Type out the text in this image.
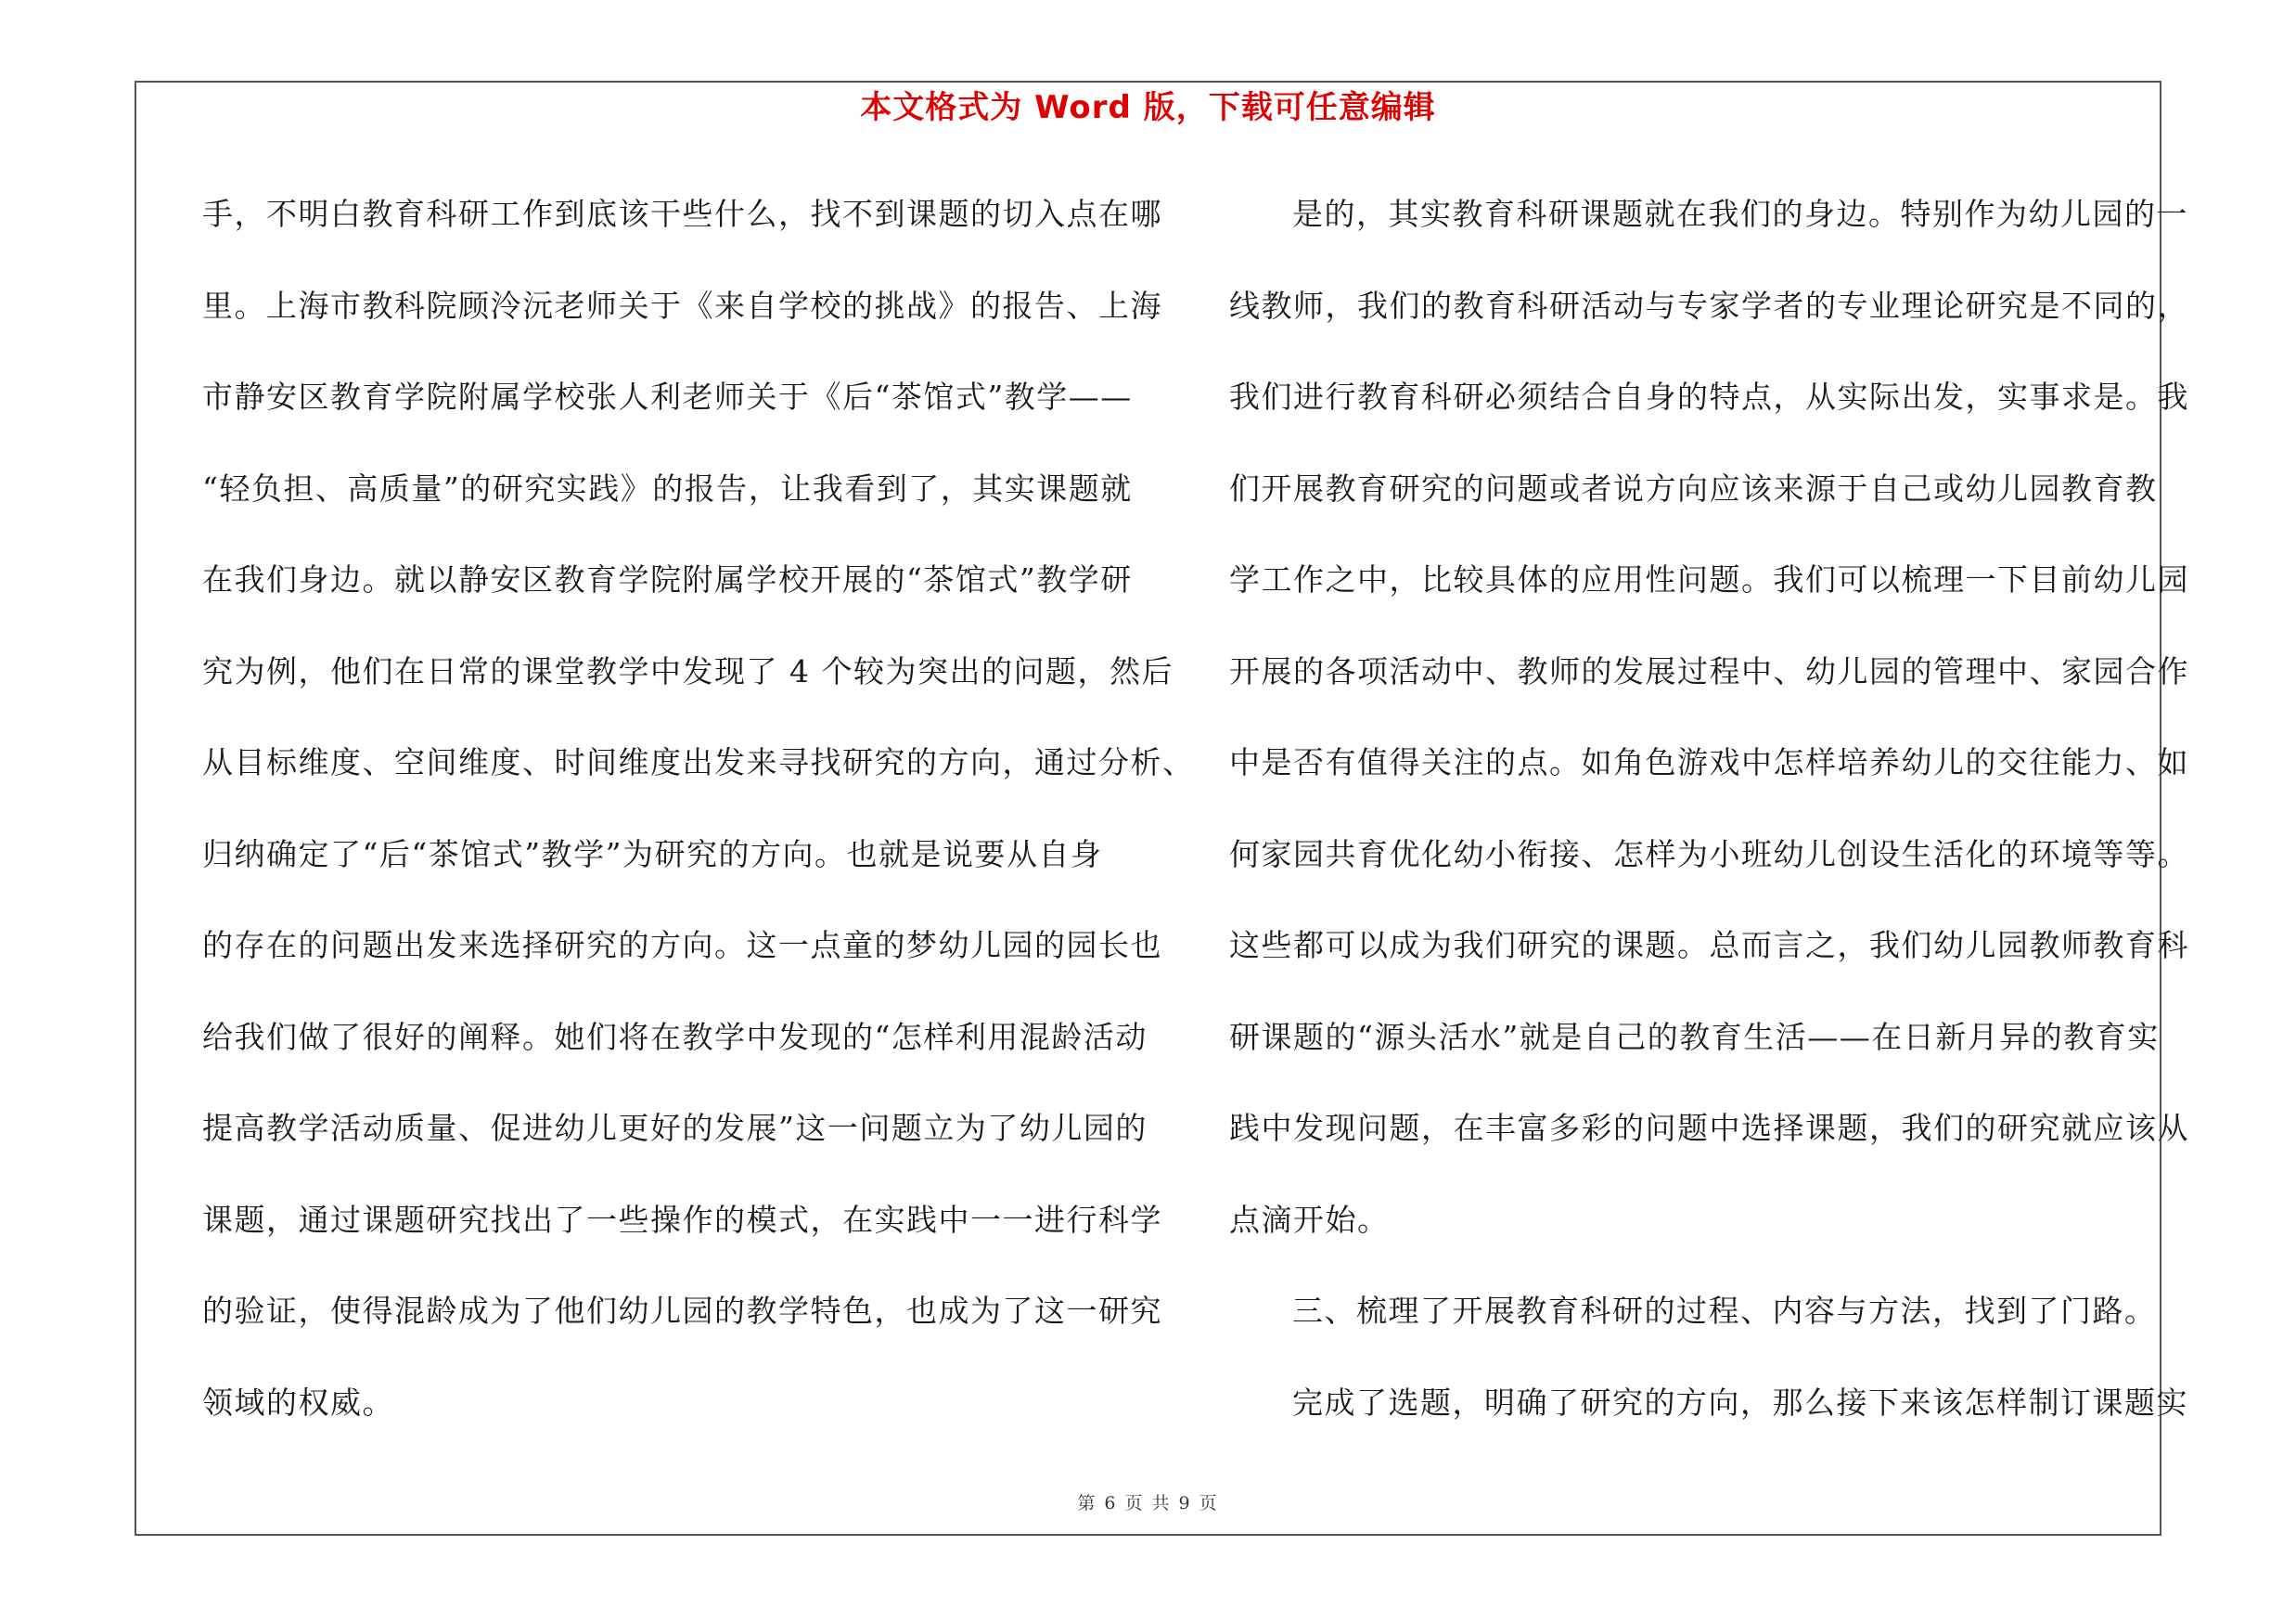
本文格式为 Word 版，下载可任意编辑
手，不明白教育科研工作到底该干些什么，找不到课题的切入点在哪
里。上海市教科院顾泠沅老师关于《来自学校的挑战》的报告、上海
市静安区教育学院附属学校张人利老师关于《后“茶馆式”教学——
“轻负担、高质量”的研究实践》的报告，让我看到了，其实课题就
在我们身边。就以静安区教育学院附属学校开展的“茶馆式”教学研
究为例，他们在日常的课堂教学中发现了 4 个较为突出的问题，然后
从目标维度、空间维度、时间维度出发来寻找研究的方向，通过分析、
归纳确定了“后“茶馆式”教学”为研究的方向。也就是说要从自身
的存在的问题出发来选择研究的方向。这一点童的梦幼儿园的园长也
给我们做了很好的阐释。她们将在教学中发现的“怎样利用混龄活动
提高教学活动质量、促进幼儿更好的发展”这一问题立为了幼儿园的
课题，通过课题研究找出了一些操作的模式，在实践中一一进行科学
的验证，使得混龄成为了他们幼儿园的教学特色，也成为了这一研究
领域的权威。
是的，其实教育科研课题就在我们的身边。特别作为幼儿园的一
线教师，我们的教育科研活动与专家学者的专业理论研究是不同的，
我们进行教育科研必须结合自身的特点，从实际出发，实事求是。我
们开展教育研究的问题或者说方向应该来源于自己或幼儿园教育教
学工作之中，比较具体的应用性问题。我们可以梳理一下目前幼儿园
开展的各项活动中、教师的发展过程中、幼儿园的管理中、家园合作
中是否有值得关注的点。如角色游戏中怎样培养幼儿的交往能力、如
何家园共育优化幼小衔接、怎样为小班幼儿创设生活化的环境等等。
这些都可以成为我们研究的课题。总而言之，我们幼儿园教师教育科
研课题的“源头活水”就是自己的教育生活——在日新月异的教育实
践中发现问题，在丰富多彩的问题中选择课题，我们的研究就应该从
点滴开始。
三、梳理了开展教育科研的过程、内容与方法，找到了门路。
完成了选题，明确了研究的方向，那么接下来该怎样制订课题实
第 6 页 共 9 页
